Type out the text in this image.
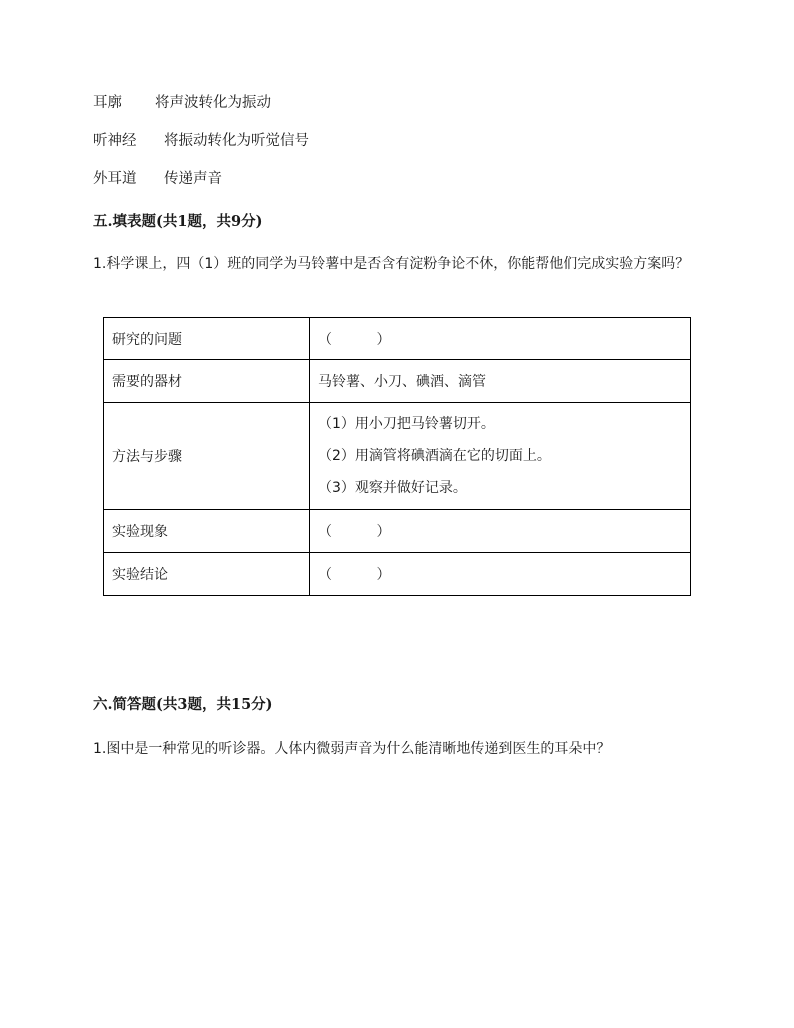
耳廓 将声波转化为振动
听神经 将振动转化为听觉信号
外耳道 传递声音
五.填表题(共1题，共9分)
1.科学课上，四（1）班的同学为马铃薯中是否含有淀粉争论不休，你能帮他们完成实验方案吗？
研究的问题	（          ）
需要的器材	马铃薯、小刀、碘酒、滴管
方法与步骤	（1）用小刀把马铃薯切开。
（2）用滴管将碘酒滴在它的切面上。
（3）观察并做好记录。

实验现象	（          ）
实验结论	（          ）
六.简答题(共3题，共15分)
1.图中是一种常见的听诊器。人体内微弱声音为什么能清晰地传递到医生的耳朵中？
